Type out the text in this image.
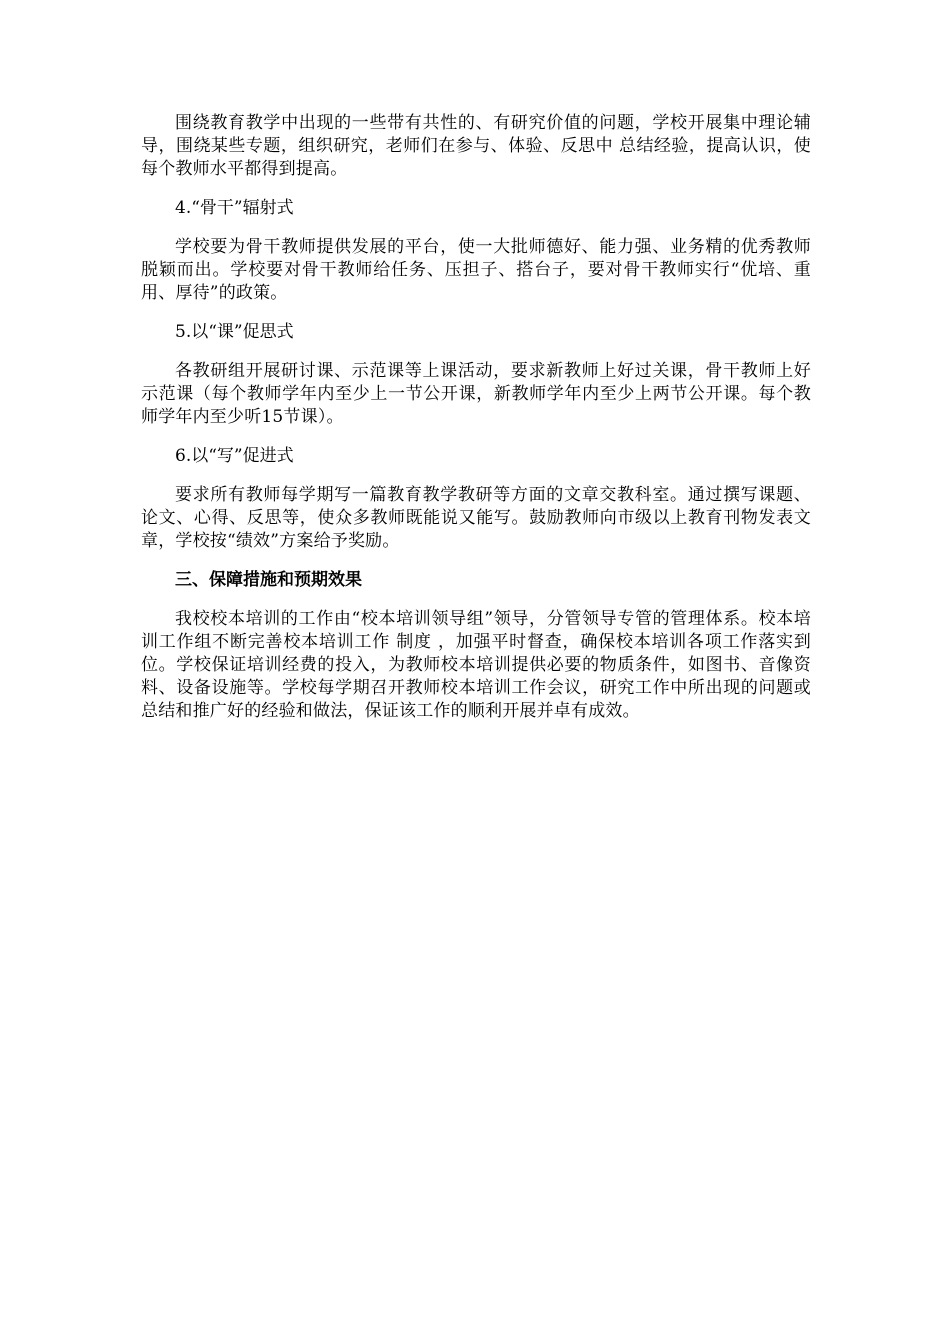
围绕教育教学中出现的一些带有共性的、有研究价值的问题，学校开展集中理论辅导，围绕某些专题，组织研究，老师们在参与、体验、反思中 总结经验，提高认识，使每个教师水平都得到提高。

4.“骨干”辐射式

学校要为骨干教师提供发展的平台，使一大批师德好、能力强、业务精的优秀教师脱颖而出。学校要对骨干教师给任务、压担子、搭台子，要对骨干教师实行“优培、重用、厚待”的政策。

5.以“课”促思式

各教研组开展研讨课、示范课等上课活动，要求新教师上好过关课，骨干教师上好示范课（每个教师学年内至少上一节公开课，新教师学年内至少上两节公开课。每个教师学年内至少听15节课）。

6.以“写”促进式

要求所有教师每学期写一篇教育教学教研等方面的文章交教科室。通过撰写课题、论文、心得、反思等，使众多教师既能说又能写。鼓励教师向市级以上教育刊物发表文章，学校按“绩效”方案给予奖励。

三、保障措施和预期效果

我校校本培训的工作由“校本培训领导组”领导，分管领导专管的管理体系。校本培训工作组不断完善校本培训工作 制度 ，加强平时督查，确保校本培训各项工作落实到位。学校保证培训经费的投入，为教师校本培训提供必要的物质条件，如图书、音像资料、设备设施等。学校每学期召开教师校本培训工作会议，研究工作中所出现的问题或总结和推广好的经验和做法，保证该工作的顺利开展并卓有成效。
